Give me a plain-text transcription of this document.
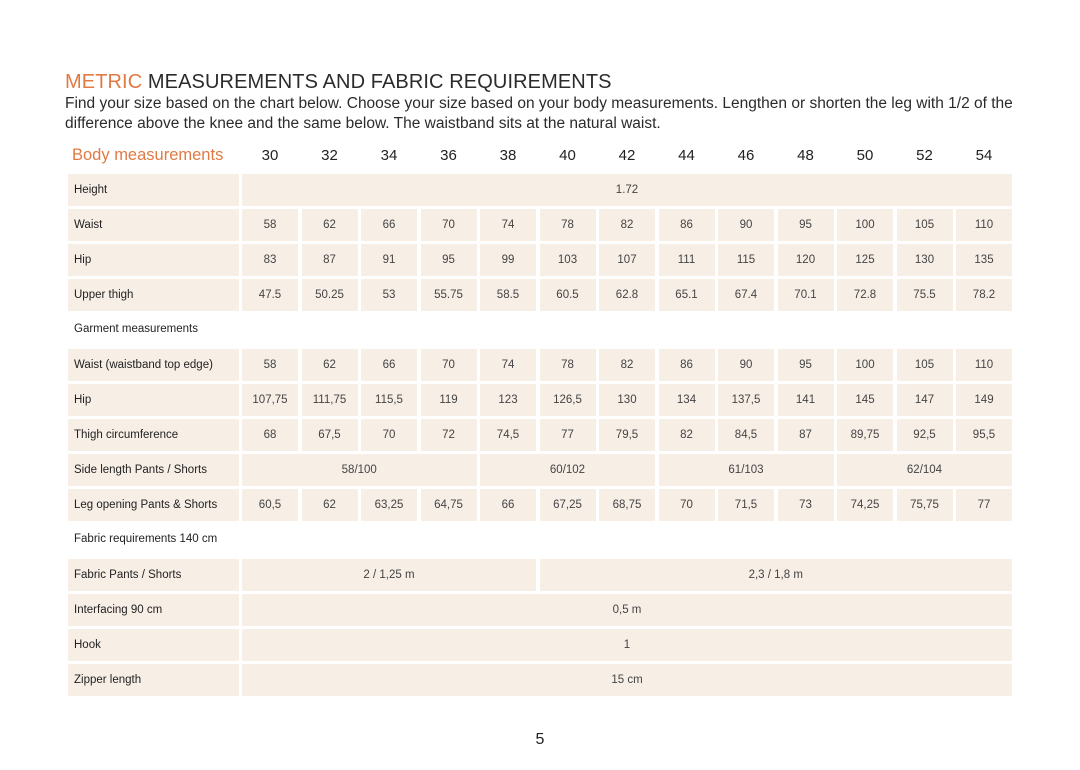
METRIC MEASUREMENTS AND FABRIC REQUIREMENTS
Find your size based on the chart below. Choose your size based on your body measurements. Lengthen or shorten the leg with 1/2 of the difference above the knee and the same below. The waistband sits at the natural waist.
Body measurements	30	32	34	36	38	40	42	44	46	48	50	52	54
Height	1.72
Waist	58	62	66	70	74	78	82	86	90	95	100	105	110
Hip	83	87	91	95	99	103	107	111	115	120	125	130	135
Upper thigh	47.5	50.25	53	55.75	58.5	60.5	62.8	65.1	67.4	70.1	72.8	75.5	78.2
Garment measurements
Waist (waistband top edge)	58	62	66	70	74	78	82	86	90	95	100	105	110
Hip	107,75	111,75	115,5	119	123	126,5	130	134	137,5	141	145	147	149
Thigh circumference	68	67,5	70	72	74,5	77	79,5	82	84,5	87	89,75	92,5	95,5
Side length Pants / Shorts	58/100	60/102	61/103	62/104
Leg opening Pants & Shorts	60,5	62	63,25	64,75	66	67,25	68,75	70	71,5	73	74,25	75,75	77
Fabric requirements 140 cm
Fabric Pants / Shorts	2 / 1,25 m	2,3 / 1,8 m
Interfacing 90 cm	0,5 m
Hook	1
Zipper length	15 cm
5
